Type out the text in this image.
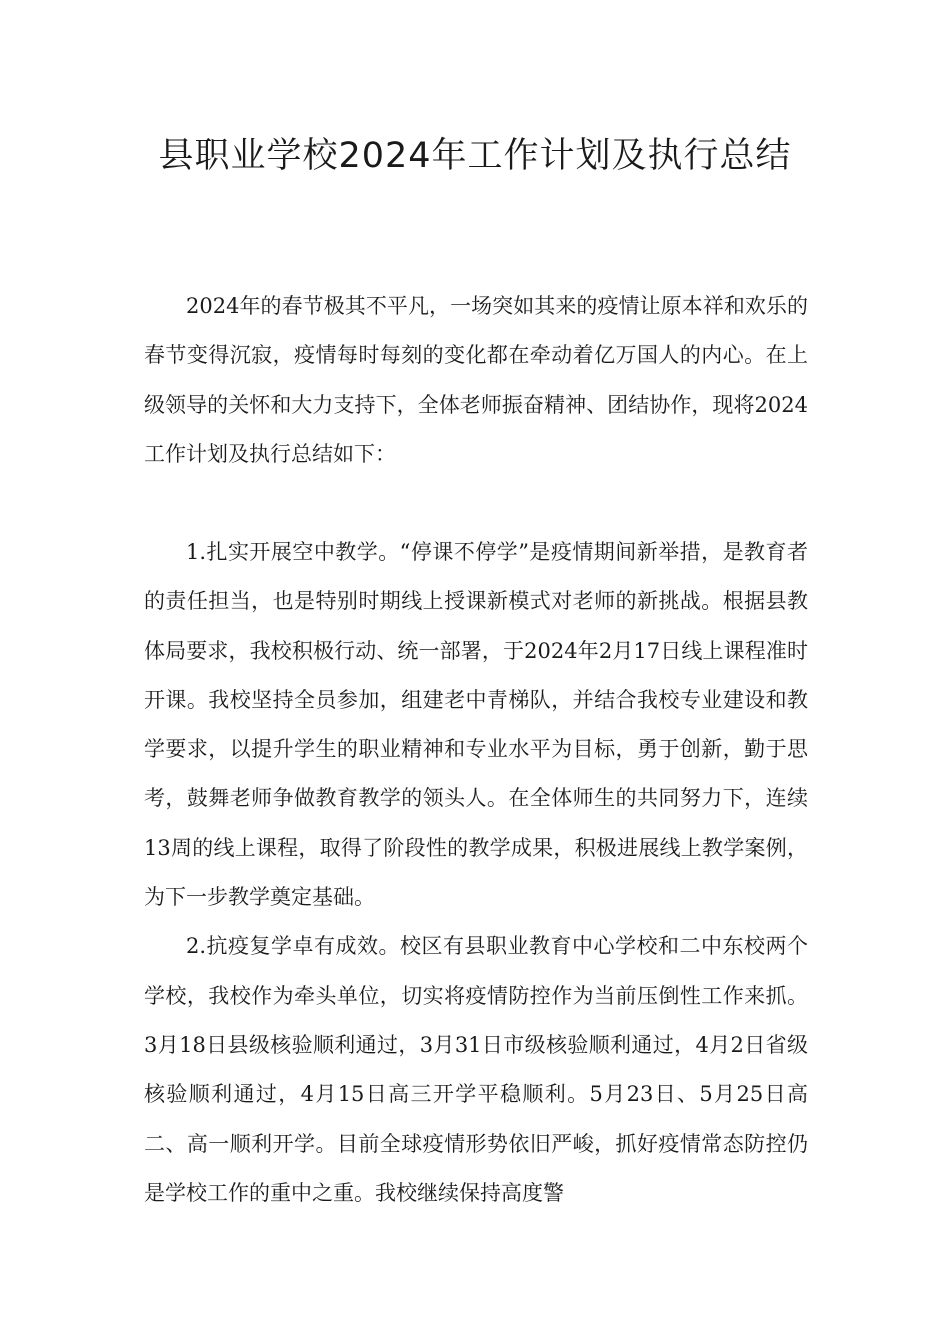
县职业学校2024年工作计划及执行总结

2024年的春节极其不平凡，一场突如其来的疫情让原本祥和欢乐的春节变得沉寂，疫情每时每刻的变化都在牵动着亿万国人的内心。在上级领导的关怀和大力支持下，全体老师振奋精神、团结协作，现将2024工作计划及执行总结如下：

1.扎实开展空中教学。“停课不停学”是疫情期间新举措，是教育者的责任担当，也是特别时期线上授课新模式对老师的新挑战。根据县教体局要求，我校积极行动、统一部署，于2024年2月17日线上课程准时开课。我校坚持全员参加，组建老中青梯队，并结合我校专业建设和教学要求，以提升学生的职业精神和专业水平为目标，勇于创新，勤于思考，鼓舞老师争做教育教学的领头人。在全体师生的共同努力下，连续13周的线上课程，取得了阶段性的教学成果，积极进展线上教学案例，为下一步教学奠定基础。

2.抗疫复学卓有成效。校区有县职业教育中心学校和二中东校两个学校，我校作为牵头单位，切实将疫情防控作为当前压倒性工作来抓。3月18日县级核验顺利通过，3月31日市级核验顺利通过，4月2日省级核验顺利通过，4月15日高三开学平稳顺利。5月23日、5月25日高二、高一顺利开学。目前全球疫情形势依旧严峻，抓好疫情常态防控仍是学校工作的重中之重。我校继续保持高度警
